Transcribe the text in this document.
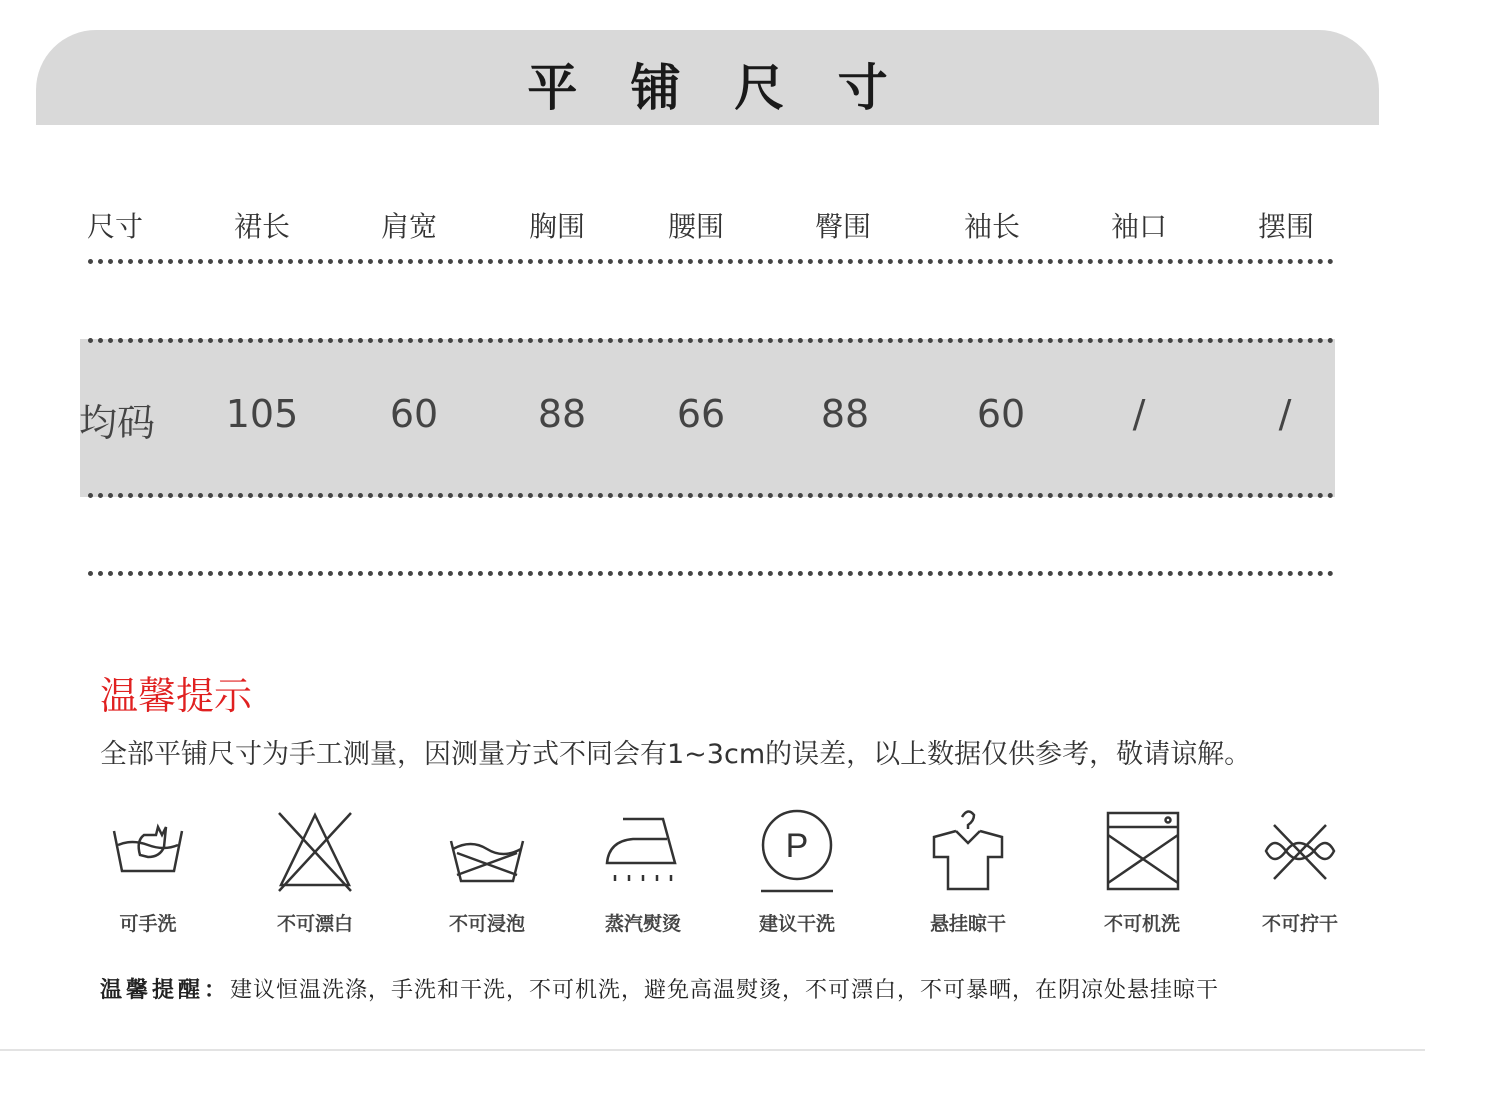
平 铺 尺 寸
尺寸	裙长	肩宽	胸围	腰围	臀围	袖长	袖口	摆围
均码	105	60	88	66	88	60	/	/
温馨提示
全部平铺尺寸为手工测量，因测量方式不同会有1~3cm的误差，以上数据仅供参考，敬请谅解。
可手洗	不可漂白	不可浸泡	蒸汽熨烫
P
建议干洗	悬挂晾干	不可机洗	不可拧干
温馨提醒：建议恒温洗涤，手洗和干洗，不可机洗，避免高温熨烫，不可漂白，不可暴晒，在阴凉处悬挂晾干
